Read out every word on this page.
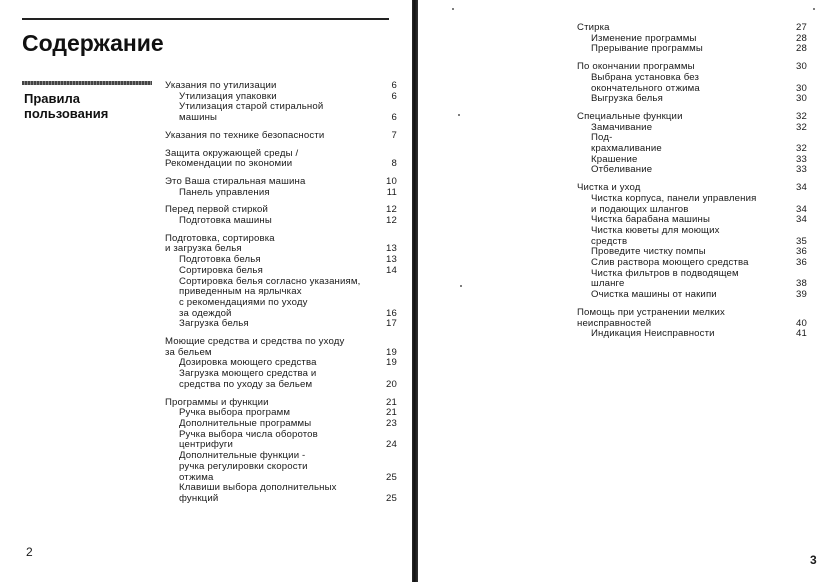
Содержание
Правила
пользования
Указания по утилизации	6
Утилизация упаковки	6
Утилизация старой стиральной
машины	6
Указания по технике безопасности	7
Защита окружающей среды /
Рекомендации по экономии	8
Это Ваша стиральная машина	10
Панель управления	11
Перед первой стиркой	12
Подготовка машины	12
Подготовка, сортировка
и загрузка белья	13
Подготовка белья	13
Сортировка белья	14
Сортировка белья согласно указаниям,
приведенным на ярлычках
с рекомендациями по уходу
за одеждой	16
Загрузка белья	17
Моющие средства и средства по уходу
за бельем	19
Дозировка моющего средства	19
Загрузка моющего средства и
средства по уходу за бельем	20
Программы и функции	21
Ручка выбора программ	21
Дополнительные программы	23
Ручка выбора числа оборотов
центрифуги	24
Дополнительные функции -
ручка регулировки скорости
отжима	25
Клавиши выбора дополнительных
функций	25
2
Стирка	27
Изменение программы	28
Прерывание программы	28
По окончании программы	30
Выбрана установка без
окончательного отжима	30
Выгрузка белья	30
Специальные функции	32
Замачивание	32
Под-
крахмаливание	32
Крашение	33
Отбеливание	33
Чистка и уход	34
Чистка корпуса, панели управления
и подающих шлангов	34
Чистка барабана машины	34
Чистка кюветы для моющих
средств	35
Проведите чистку помпы	36
Слив раствора моющего средства	36
Чистка фильтров в подводящем
шланге	38
Очистка машины от накипи	39
Помощь при устранении мелких
неисправностей	40
Индикация Неисправности	41
3
